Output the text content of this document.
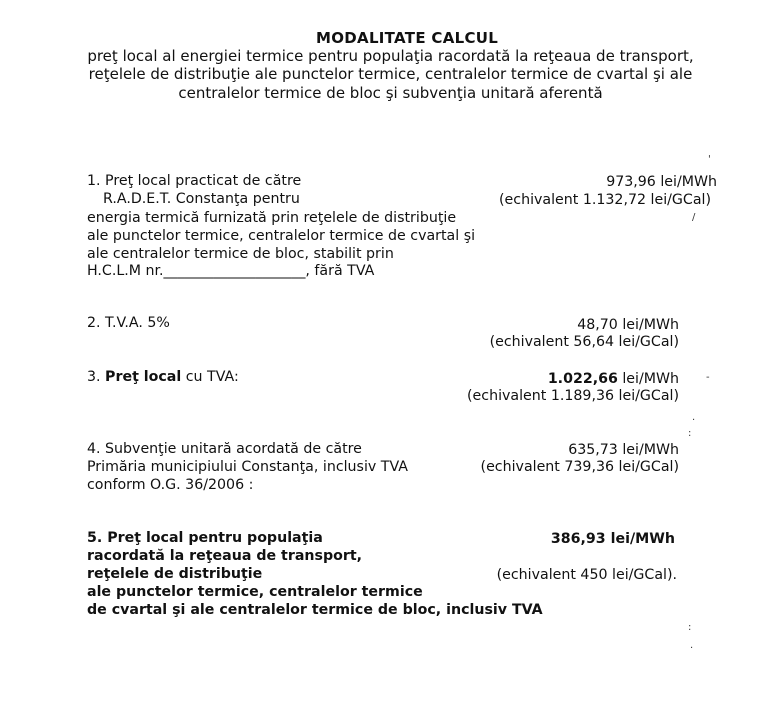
MODALITATE CALCUL
preţ local al energiei termice pentru populaţia racordată la reţeaua de transport,
reţelele de distribuţie ale punctelor termice, centralelor termice de cvartal şi ale
centralelor termice de bloc şi subvenţia unitară aferentă
1. Preţ local practicat de către
R.A.D.E.T. Constanţa pentru
energia termică furnizată prin reţelele de distribuţie
ale punctelor termice, centralelor termice de cvartal şi
ale centralelor termice de bloc, stabilit prin
H.C.L.M nr.____________________, fără TVA
973,96 lei/MWh
(echivalent 1.132,72 lei/GCal)
2. T.V.A. 5%	48,70 lei/MWh
(echivalent 56,64 lei/GCal)
3. Preţ local cu TVA:	1.022,66 lei/MWh
(echivalent 1.189,36 lei/GCal)
4. Subvenţie unitară acordată de către
Primăria municipiului Constanţa, inclusiv TVA
conform O.G. 36/2006 :
635,73 lei/MWh
(echivalent 739,36 lei/GCal)
5. Preţ local pentru populaţia
racordată la reţeaua de transport,
reţelele de distribuţie
ale punctelor termice, centralelor termice
de cvartal şi ale centralelor termice de bloc, inclusiv TVA
386,93 lei/MWh
(echivalent 450 lei/GCal).
'
/
-
.
:
:
.
